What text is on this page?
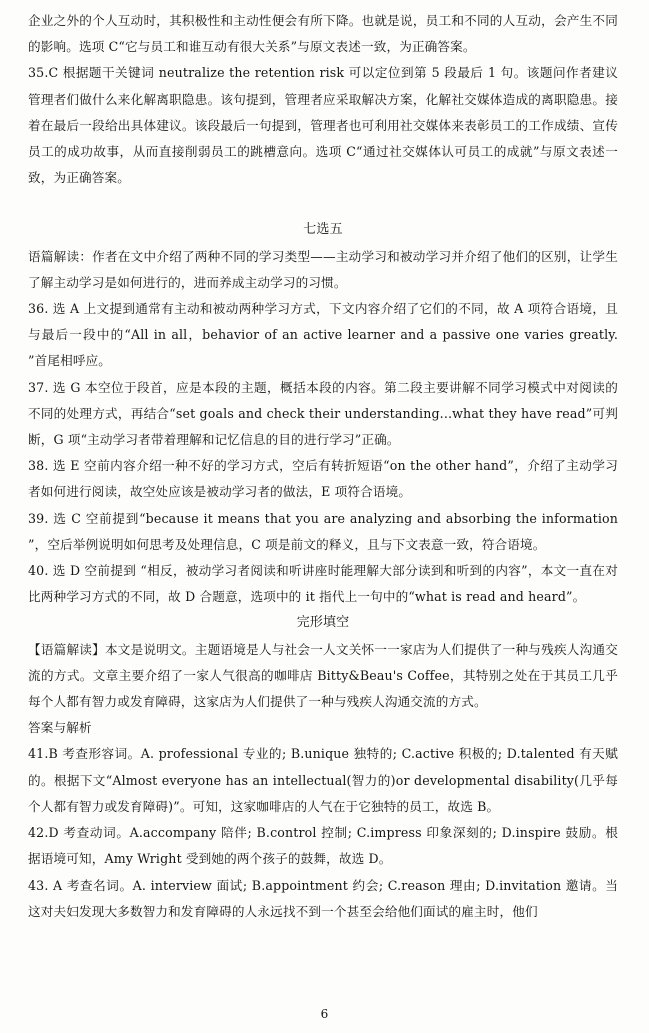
企业之外的个人互动时，其积极性和主动性便会有所下降。也就是说，员工和不同的人互动，会产生不同的影响。选项 C“它与员工和谁互动有很大关系”与原文表述一致，为正确答案。

35.C 根据题干关键词 neutralize the retention risk 可以定位到第 5 段最后 1 句。该题问作者建议管理者们做什么来化解离职隐患。该句提到，管理者应采取解决方案，化解社交媒体造成的离职隐患。接着在最后一段给出具体建议。该段最后一句提到，管理者也可利用社交媒体来表彰员工的工作成绩、宣传员工的成功故事，从而直接削弱员工的跳槽意向。选项 C“通过社交媒体认可员工的成就”与原文表述一致，为正确答案。

七选五

语篇解读：作者在文中介绍了两种不同的学习类型——主动学习和被动学习并介绍了他们的区别，让学生了解主动学习是如何进行的，进而养成主动学习的习惯。

36. 选 A 上文提到通常有主动和被动两种学习方式，下文内容介绍了它们的不同，故 A 项符合语境，且与最后一段中的“All in all，behavior of an active learner and a passive one varies greatly. ”首尾相呼应。

37. 选 G 本空位于段首，应是本段的主题，概括本段的内容。第二段主要讲解不同学习模式中对阅读的不同的处理方式，再结合“set goals and check their understanding...what they have read”可判断，G 项“主动学习者带着理解和记忆信息的目的进行学习”正确。

38. 选 E 空前内容介绍一种不好的学习方式，空后有转折短语“on the other hand”，介绍了主动学习者如何进行阅读，故空处应该是被动学习者的做法，E 项符合语境。

39. 选 C 空前提到“because it means that you are analyzing and absorbing the information ”，空后举例说明如何思考及处理信息，C 项是前文的释义，且与下文表意一致，符合语境。

40. 选 D 空前提到 “相反，被动学习者阅读和听讲座时能理解大部分读到和听到的内容”，本文一直在对比两种学习方式的不同，故 D 合题意，选项中的 it 指代上一句中的“what is read and heard”。

完形填空

【语篇解读】本文是说明文。主题语境是人与社会一人文关怀一一家店为人们提供了一种与残疾人沟通交流的方式。文章主要介绍了一家人气很高的咖啡店 Bitty&Beau's Coffee，其特别之处在于其员工几乎每个人都有智力或发育障碍，这家店为人们提供了一种与残疾人沟通交流的方式。

答案与解析

41.B 考查形容词。A. professional 专业的; B.unique 独特的; C.active 积极的; D.talented 有天赋的。根据下文“Almost everyone has an intellectual(智力的)or developmental disability(几乎每个人都有智力或发育障碍)”。可知，这家咖啡店的人气在于它独特的员工，故选 B。

42.D 考查动词。A.accompany 陪伴; B.control 控制; C.impress 印象深刻的; D.inspire 鼓励。根据语境可知，Amy Wright 受到她的两个孩子的鼓舞，故选 D。

43. A 考查名词。A. interview 面试; B.appointment 约会; C.reason 理由; D.invitation 邀请。当这对夫妇发现大多数智力和发育障碍的人永远找不到一个甚至会给他们面试的雇主时，他们

6
